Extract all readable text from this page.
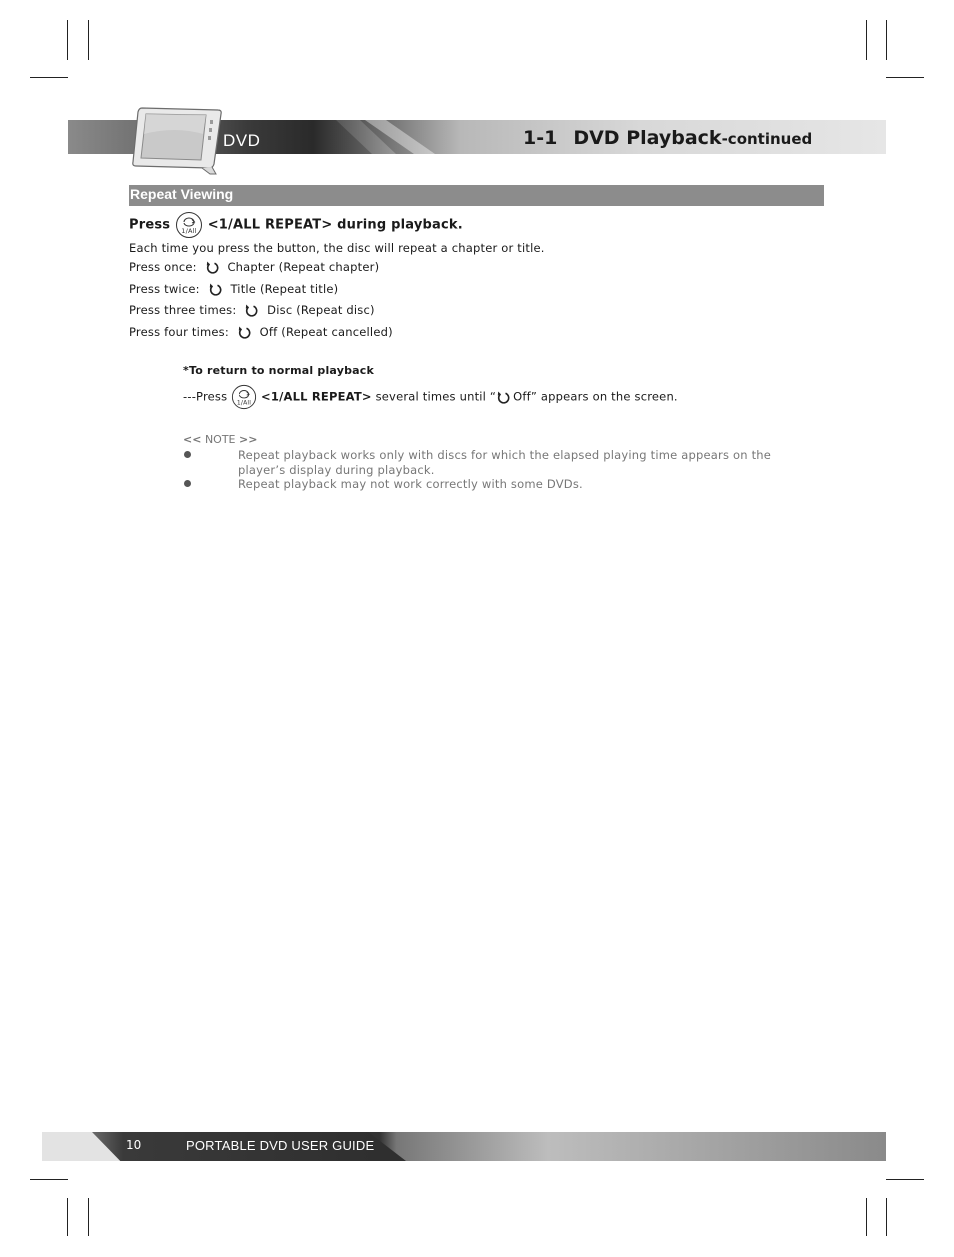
DVD	1-1 DVD Playback-continued
Repeat Viewing
Press 1/All <1/ALL REPEAT> during playback.
Each time you press the button, the disc will repeat a chapter or title.
Press once:	Chapter (Repeat chapter)
Press twice:	Title (Repeat title)
Press three times:	Disc (Repeat disc)
Press four times:	Off (Repeat cancelled)
*To return to normal playback
---Press 1/All <1/ALL REPEAT> several times until “ Off” appears on the screen.
<< NOTE >>
Repeat playback works only with discs for which the elapsed playing time appears on the player’s display during playback.
Repeat playback may not work correctly with some DVDs.
10	PORTABLE DVD USER GUIDE
